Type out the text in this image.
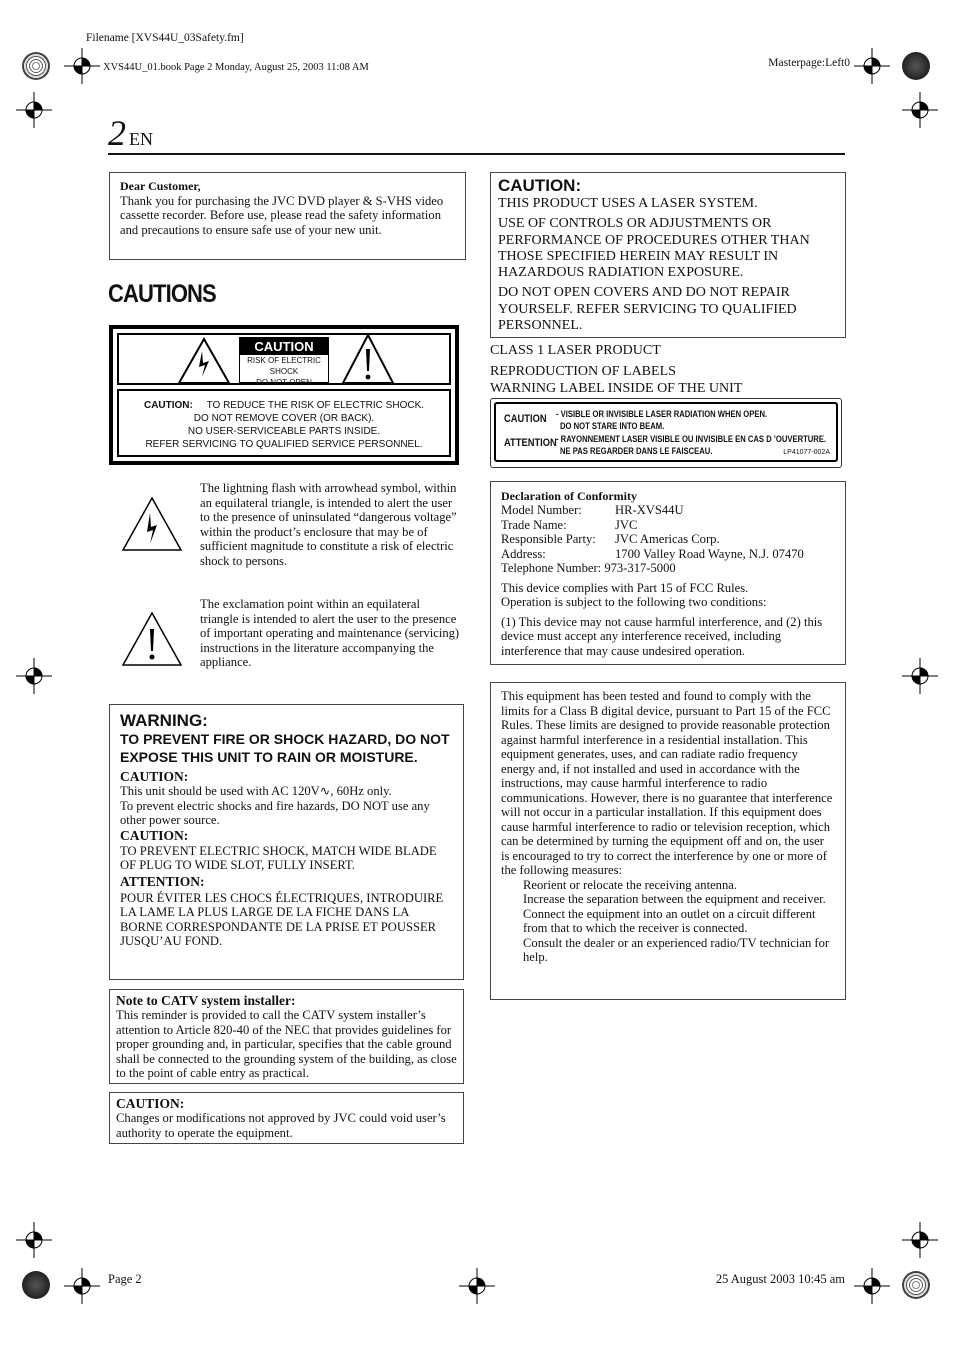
Filename [XVS44U_03Safety.fm]
XVS44U_01.book Page 2 Monday, August 25, 2003 11:08 AM	Masterpage:Left0
2 EN

Dear Customer,

Thank you for purchasing the JVC DVD player & S-VHS video cassette recorder. Before use, please read the safety information and precautions to ensure safe use of your new unit.

CAUTIONS
CAUTION
RISK OF ELECTRIC SHOCK
DO NOT OPEN
CAUTION: TO REDUCE THE RISK OF ELECTRIC SHOCK.
DO NOT REMOVE COVER (OR BACK).
NO USER-SERVICEABLE PARTS INSIDE.
REFER SERVICING TO QUALIFIED SERVICE PERSONNEL.
The lightning flash with arrowhead symbol, within an equilateral triangle, is intended to alert the user to the presence of uninsulated “dangerous voltage” within the product’s enclosure that may be of sufficient magnitude to constitute a risk of electric shock to persons.
The exclamation point within an equilateral triangle is intended to alert the user to the presence of important operating and maintenance (servicing) instructions in the literature accompanying the appliance.

WARNING:

TO PREVENT FIRE OR SHOCK HAZARD, DO NOT EXPOSE THIS UNIT TO RAIN OR MOISTURE.

CAUTION:

This unit should be used with AC 120V∿, 60Hz only.

To prevent electric shocks and fire hazards, DO NOT use any other power source.

CAUTION:

TO PREVENT ELECTRIC SHOCK, MATCH WIDE BLADE OF PLUG TO WIDE SLOT, FULLY INSERT.

ATTENTION:

POUR ÉVITER LES CHOCS ÉLECTRIQUES, INTRODUIRE LA LAME LA PLUS LARGE DE LA FICHE DANS LA BORNE CORRESPONDANTE DE LA PRISE ET POUSSER JUSQU’AU FOND.

Note to CATV system installer:

This reminder is provided to call the CATV system installer’s attention to Article 820-40 of the NEC that provides guidelines for proper grounding and, in particular, specifies that the cable ground shall be connected to the grounding system of the building, as close to the point of cable entry as practical.

CAUTION:

Changes or modifications not approved by JVC could void user’s authority to operate the equipment.

CAUTION:

THIS PRODUCT USES A LASER SYSTEM.

USE OF CONTROLS OR ADJUSTMENTS OR PERFORMANCE OF PROCEDURES OTHER THAN THOSE SPECIFIED HEREIN MAY RESULT IN HAZARDOUS RADIATION EXPOSURE.

DO NOT OPEN COVERS AND DO NOT REPAIR YOURSELF. REFER SERVICING TO QUALIFIED PERSONNEL.

CLASS 1 LASER PRODUCT

REPRODUCTION OF LABELS

WARNING LABEL INSIDE OF THE UNIT

CAUTION - VISIBLE OR INVISIBLE LASER RADIATION WHEN OPEN.
DO NOT STARE INTO BEAM.
ATTENTION - RAYONNEMENT LASER VISIBLE OU INVISIBLE EN CAS D ’OUVERTURE.
NE PAS REGARDER DANS LE FAISCEAU.	LP41077-002A

Declaration of Conformity

Model Number:	HR-XVS44U
Trade Name:	JVC
Responsible Party:	JVC Americas Corp.
Address:	1700 Valley Road Wayne, N.J. 07470

Telephone Number: 973-317-5000

This device complies with Part 15 of FCC Rules.

Operation is subject to the following two conditions:

(1) This device may not cause harmful interference, and (2) this device must accept any interference received, including interference that may cause undesired operation.

This equipment has been tested and found to comply with the limits for a Class B digital device, pursuant to Part 15 of the FCC Rules. These limits are designed to provide reasonable protection against harmful interference in a residential installation. This equipment generates, uses, and can radiate radio frequency energy and, if not installed and used in accordance with the instructions, may cause harmful interference to radio communications. However, there is no guarantee that interference will not occur in a particular installation. If this equipment does cause harmful interference to radio or television reception, which can be determined by turning the equipment off and on, the user is encouraged to try to correct the interference by one or more of the following measures:

Reorient or relocate the receiving antenna.

Increase the separation between the equipment and receiver.

Connect the equipment into an outlet on a circuit different from that to which the receiver is connected.

Consult the dealer or an experienced radio/TV technician for help.

Page 2	25 August 2003 10:45 am
